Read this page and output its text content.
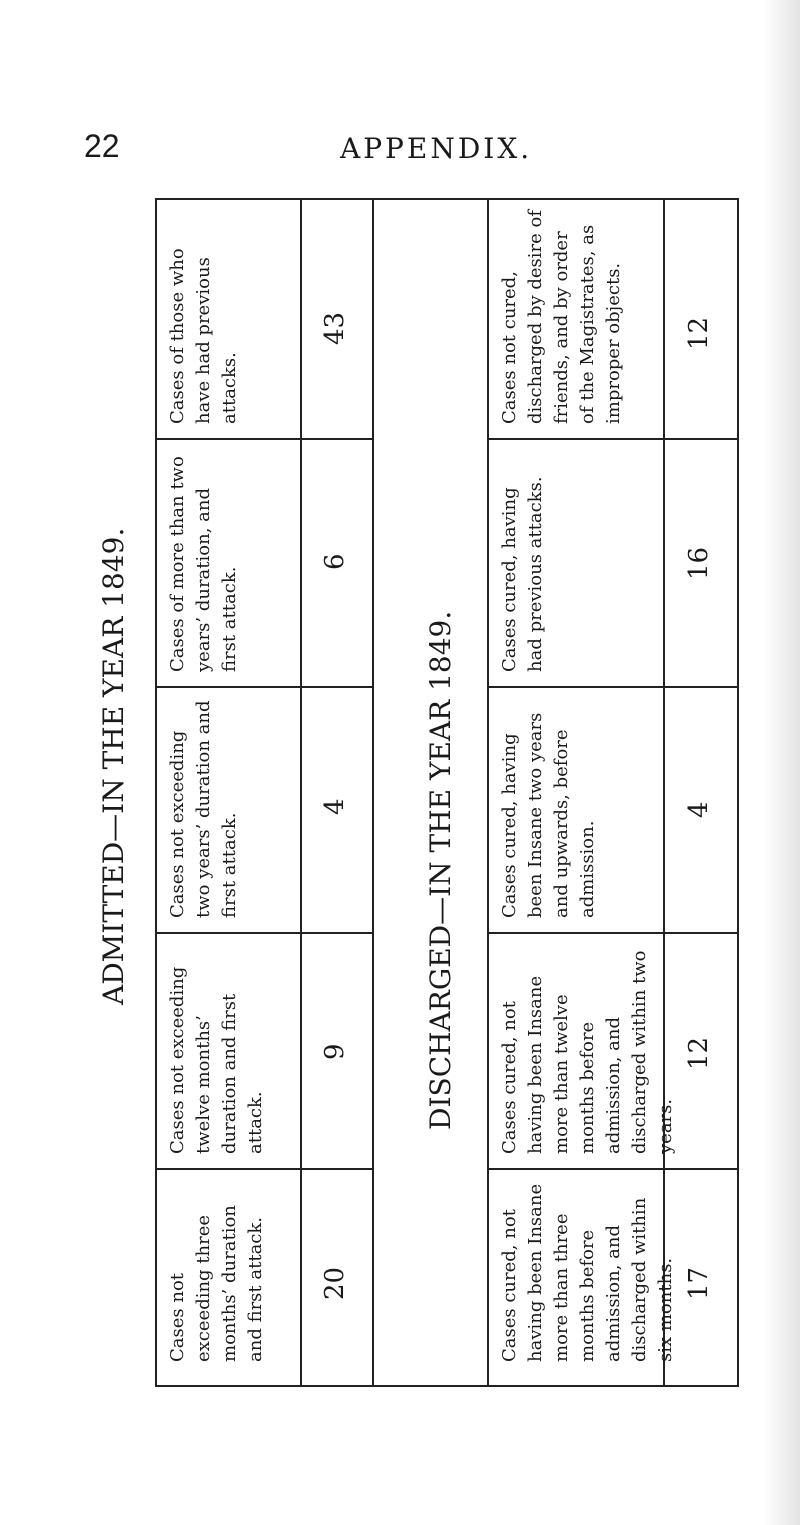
22	APPENDIX.
ADMITTED—IN THE YEAR 1849.	DISCHARGED—IN THE YEAR 1849.
Cases not exceeding three months’ duration and first attack.
Cases not exceeding twelve months’ duration and first attack.
Cases not exceeding two years’ duration and first attack.
Cases of more than two years’ duration, and first attack.
Cases of those who have had previous attacks.
20
9
4
6
43
Cases cured, not having been Insane more than three months before admission, and discharged within six months.
Cases cured, not having been Insane more than twelve months before admission, and discharged within two years.
Cases cured, having been Insane two years and upwards, before admission.
Cases cured, having had previous attacks.
Cases not cured, discharged by desire of friends, and by order of the Magistrates, as improper objects.
17
12
4
16
12
